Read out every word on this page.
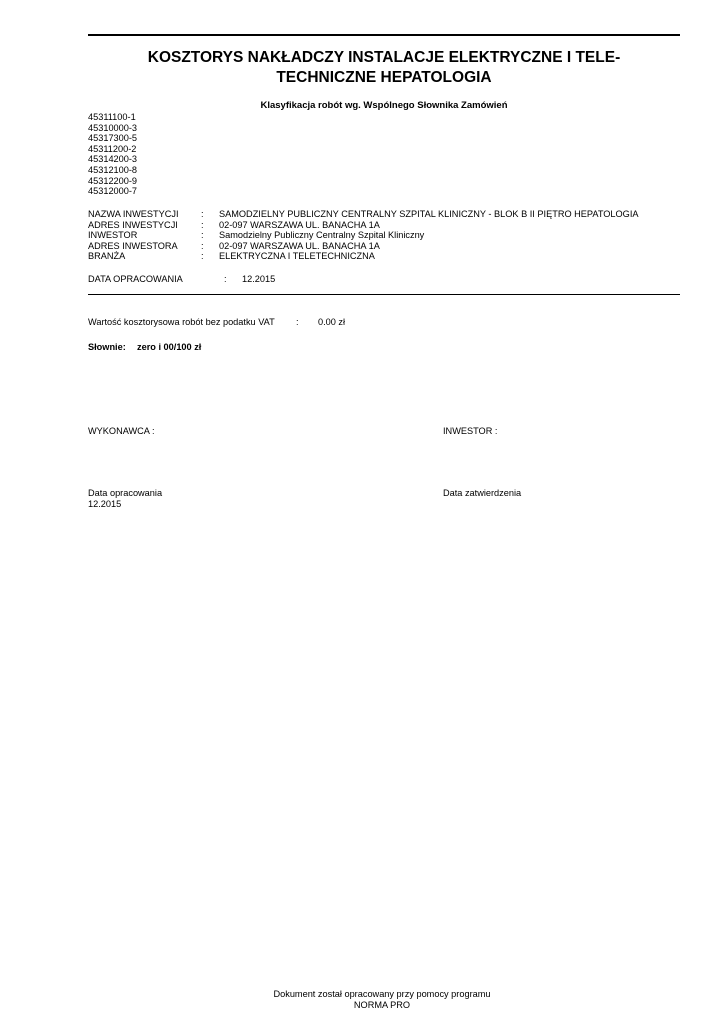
KOSZTORYS NAKŁADCZY INSTALACJE ELEKTRYCZNE I TELE-
TECHNICZNE HEPATOLOGIA
Klasyfikacja robót wg. Wspólnego Słownika Zamówień
45311100-1
45310000-3
45317300-5
45311200-2
45314200-3
45312100-8
45312200-9
45312000-7
NAZWA INWESTYCJI : SAMODZIELNY PUBLICZNY CENTRALNY SZPITAL KLINICZNY - BLOK B II PIĘTRO HEPATOLOGIA
ADRES INWESTYCJI	: 02-097 WARSZAWA UL. BANACHA 1A
INWESTOR	: Samodzielny Publiczny Centralny Szpital Kliniczny
ADRES INWESTORA	: 02-097 WARSZAWA UL. BANACHA 1A
BRANŻA	: ELEKTRYCZNA I TELETECHNICZNA
DATA OPRACOWANIA	: 12.2015
Wartość kosztorysowa robót bez podatku VAT : 0.00 zł
Słownie: zero i 00/100 zł
WYKONAWCA :	INWESTOR :
Data opracowania
12.2015
Data zatwierdzenia
Dokument został opracowany przy pomocy programu
NORMA PRO
